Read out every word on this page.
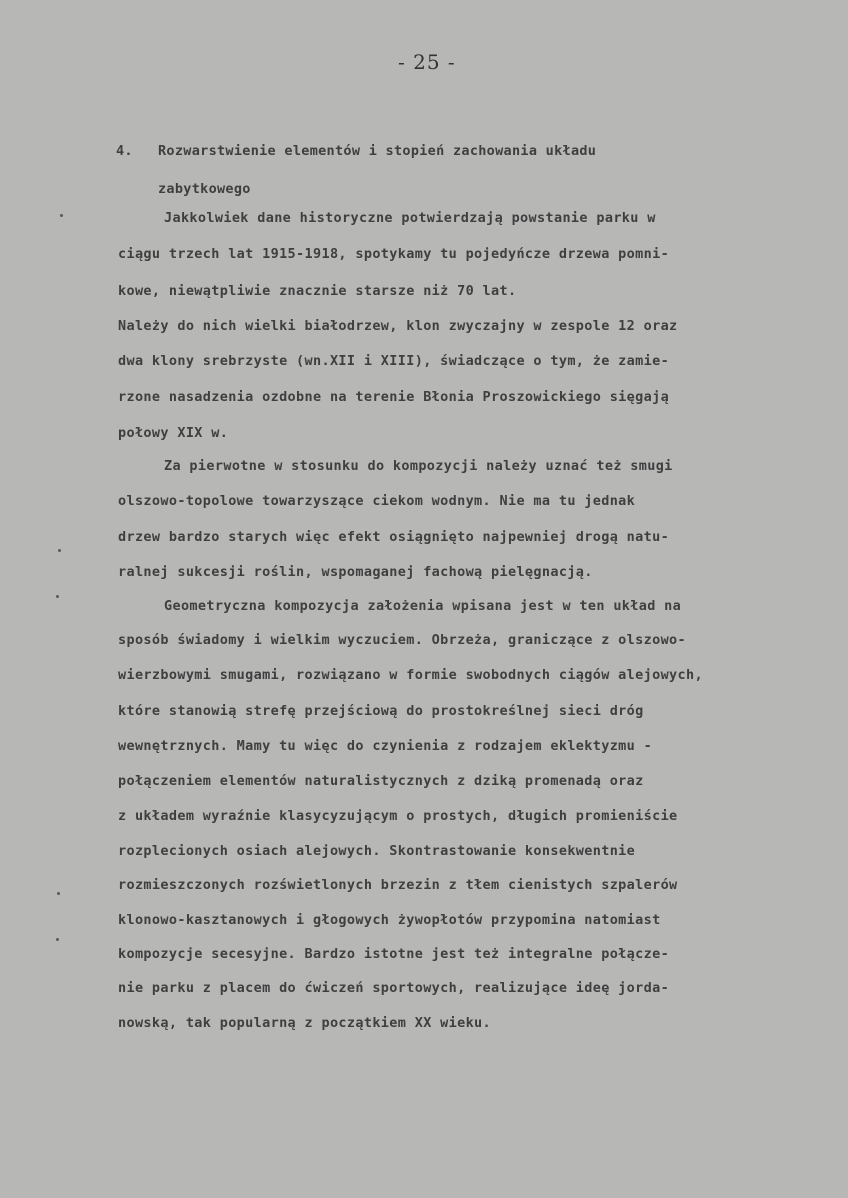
- 25 -
4. Rozwarstwienie elementów i stopień zachowania układu
zabytkowego
Jakkolwiek dane historyczne potwierdzają powstanie parku w
ciągu trzech lat 1915-1918, spotykamy tu pojedyńcze drzewa pomni-
kowe, niewątpliwie znacznie starsze niż 70 lat.
Należy do nich wielki białodrzew, klon zwyczajny w zespole 12 oraz
dwa klony srebrzyste (wn.XII i XIII), świadczące o tym, że zamie-
rzone nasadzenia ozdobne na terenie Błonia Proszowickiego sięgają
połowy XIX w.
Za pierwotne w stosunku do kompozycji należy uznać też smugi
olszowo-topolowe towarzyszące ciekom wodnym. Nie ma tu jednak
drzew bardzo starych więc efekt osiągnięto najpewniej drogą natu-
ralnej sukcesji roślin, wspomaganej fachową pielęgnacją.
Geometryczna kompozycja założenia wpisana jest w ten układ na
sposób świadomy i wielkim wyczuciem. Obrzeża, graniczące z olszowo-
wierzbowymi smugami, rozwiązano w formie swobodnych ciągów alejowych,
które stanowią strefę przejściową do prostokreślnej sieci dróg
wewnętrznych. Mamy tu więc do czynienia z rodzajem eklektyzmu -
połączeniem elementów naturalistycznych z dziką promenadą oraz
z układem wyraźnie klasycyzującym o prostych, długich promieniście
rozplecionych osiach alejowych. Skontrastowanie konsekwentnie
rozmieszczonych rozświetlonych brzezin z tłem cienistych szpalerów
klonowo-kasztanowych i głogowych żywopłotów przypomina natomiast
kompozycje secesyjne. Bardzo istotne jest też integralne połącze-
nie parku z placem do ćwiczeń sportowych, realizujące ideę jorda-
nowską, tak popularną z początkiem XX wieku.
